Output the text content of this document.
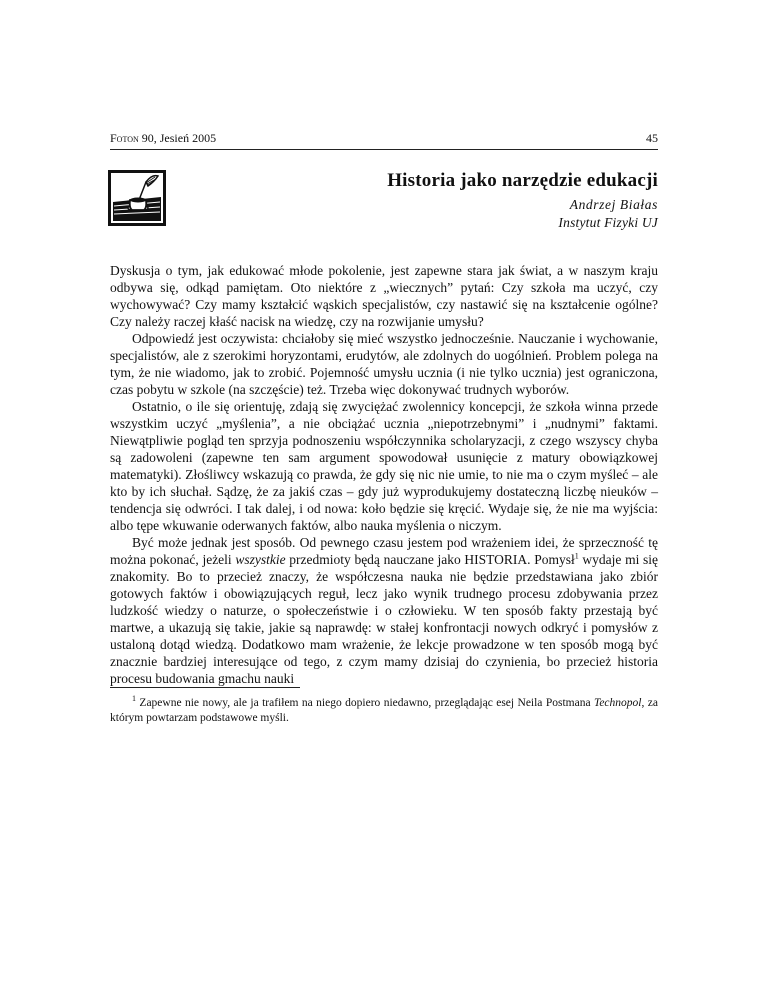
Foton 90, Jesień 2005	45
Historia jako narzędzie edukacji
Andrzej Białas
Instytut Fizyki UJ

Dyskusja o tym, jak edukować młode pokolenie, jest zapewne stara jak świat, a w naszym kraju odbywa się, odkąd pamiętam. Oto niektóre z „wiecznych” pytań: Czy szkoła ma uczyć, czy wychowywać? Czy mamy kształcić wąskich specjalistów, czy nastawić się na kształcenie ogólne? Czy należy raczej kłaść nacisk na wiedzę, czy na rozwijanie umysłu?

Odpowiedź jest oczywista: chciałoby się mieć wszystko jednocześnie. Nauczanie i wychowanie, specjalistów, ale z szerokimi horyzontami, erudytów, ale zdolnych do uogólnień. Problem polega na tym, że nie wiadomo, jak to zrobić. Pojemność umysłu ucznia (i nie tylko ucznia) jest ograniczona, czas pobytu w szkole (na szczęście) też. Trzeba więc dokonywać trudnych wyborów.

Ostatnio, o ile się orientuję, zdają się zwyciężać zwolennicy koncepcji, że szkoła winna przede wszystkim uczyć „myślenia”, a nie obciążać ucznia „niepotrzebnymi” i „nudnymi” faktami. Niewątpliwie pogląd ten sprzyja podnoszeniu współczynnika scholaryzacji, z czego wszyscy chyba są zadowoleni (zapewne ten sam argument spowodował usunięcie z matury obowiązkowej matematyki). Złośliwcy wskazują co prawda, że gdy się nic nie umie, to nie ma o czym myśleć – ale kto by ich słuchał. Sądzę, że za jakiś czas – gdy już wyprodukujemy dostateczną liczbę nieuków – tendencja się odwróci. I tak dalej, i od nowa: koło będzie się kręcić. Wydaje się, że nie ma wyjścia: albo tępe wkuwanie oderwanych faktów, albo nauka myślenia o niczym.

Być może jednak jest sposób. Od pewnego czasu jestem pod wrażeniem idei, że sprzeczność tę można pokonać, jeżeli wszystkie przedmioty będą nauczane jako HISTORIA. Pomysł$^1$ wydaje mi się znakomity. Bo to przecież znaczy, że współczesna nauka nie będzie przedstawiana jako zbiór gotowych faktów i obowiązujących reguł, lecz jako wynik trudnego procesu zdobywania przez ludzkość wiedzy o naturze, o społeczeństwie i o człowieku. W ten sposób fakty przestają być martwe, a ukazują się takie, jakie są naprawdę: w stałej konfrontacji nowych odkryć i pomysłów z ustaloną dotąd wiedzą. Dodatkowo mam wrażenie, że lekcje prowadzone w ten sposób mogą być znacznie bardziej interesujące od tego, z czym mamy dzisiaj do czynienia, bo przecież historia procesu budowania gmachu nauki

$^1$ Zapewne nie nowy, ale ja trafiłem na niego dopiero niedawno, przeglądając esej Neila Postmana Technopol, za którym powtarzam podstawowe myśli.
